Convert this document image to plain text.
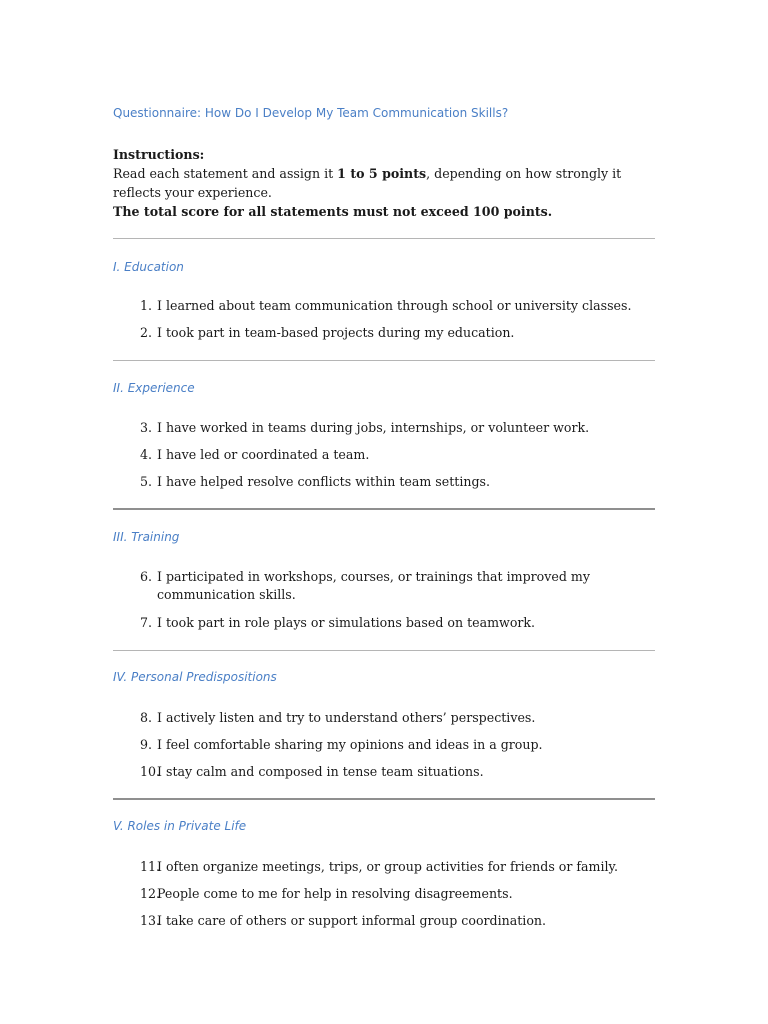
Questionnaire: How Do I Develop My Team Communication Skills?
Instructions:
Read each statement and assign it 1 to 5 points, depending on how strongly it reflects your experience.
The total score for all statements must not exceed 100 points.
I. Education
1. I learned about team communication through school or university classes.
2. I took part in team-based projects during my education.
II. Experience
3. I have worked in teams during jobs, internships, or volunteer work.
4. I have led or coordinated a team.
5. I have helped resolve conflicts within team settings.
III. Training
6. I participated in workshops, courses, or trainings that improved my communication skills.
7. I took part in role plays or simulations based on teamwork.
IV. Personal Predispositions
8. I actively listen and try to understand others’ perspectives.
9. I feel comfortable sharing my opinions and ideas in a group.
10.
I stay calm and composed in tense team situations.
V. Roles in Private Life
11.
I often organize meetings, trips, or group activities for friends or family.
12.
People come to me for help in resolving disagreements.
13.
I take care of others or support informal group coordination.
